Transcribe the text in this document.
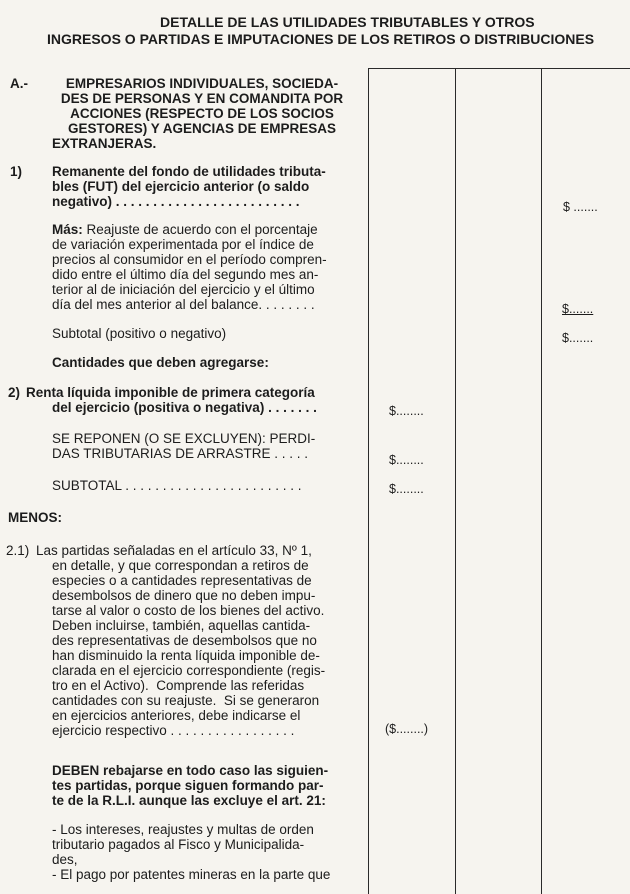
DETALLE DE LAS UTILIDADES TRIBUTABLES Y OTROS
INGRESOS O PARTIDAS E IMPUTACIONES DE LOS RETIROS O DISTRIBUCIONES
A.-	EMPRESARIOS INDIVIDUALES, SOCIEDA-
DES DE PERSONAS Y EN COMANDITA POR
ACCIONES (RESPECTO DE LOS SOCIOS
GESTORES) Y AGENCIAS DE EMPRESAS
EXTRANJERAS.
1) Remanente del fondo de utilidades tributa-
bles (FUT) del ejercicio anterior (o saldo
negativo) . . . . . . . . . . . . . . . . . . . . . . . . .	$ .......
Más: Reajuste de acuerdo con el porcentaje
de variación experimentada por el índice de
precios al consumidor en el período compren-
dido entre el último día del segundo mes an-
terior al de iniciación del ejercicio y el último
día del mes anterior al del balance. . . . . . . .	$.......
Subtotal (positivo o negativo)	$.......
Cantidades que deben agregarse:
2) Renta líquida imponible de primera categoría
del ejercicio (positiva o negativa) . . . . . . .	$........
SE REPONEN (O SE EXCLUYEN): PERDI-
DAS TRIBUTARIAS DE ARRASTRE . . . . .	$........
SUBTOTAL . . . . . . . . . . . . . . . . . . . . . . . .	$........
MENOS:
2.1) Las partidas señaladas en el artículo 33, Nº 1,
en detalle, y que correspondan a retiros de
especies o a cantidades representativas de
desembolsos de dinero que no deben impu-
tarse al valor o costo de los bienes del activo.
Deben incluirse, también, aquellas cantida-
des representativas de desembolsos que no
han disminuido la renta líquida imponible de-
clarada en el ejercicio correspondiente (regis-
tro en el Activo).  Comprende las referidas
cantidades con su reajuste.  Si se generaron
en ejercicios anteriores, debe indicarse el
ejercicio respectivo . . . . . . . . . . . . . . . . .	($........)
DEBEN rebajarse en todo caso las siguien-
tes partidas, porque siguen formando par-
te de la R.L.I. aunque las excluye el art. 21:
- Los intereses, reajustes y multas de orden
tributario pagados al Fisco y Municipalida-
des,
- El pago por patentes mineras en la parte que
